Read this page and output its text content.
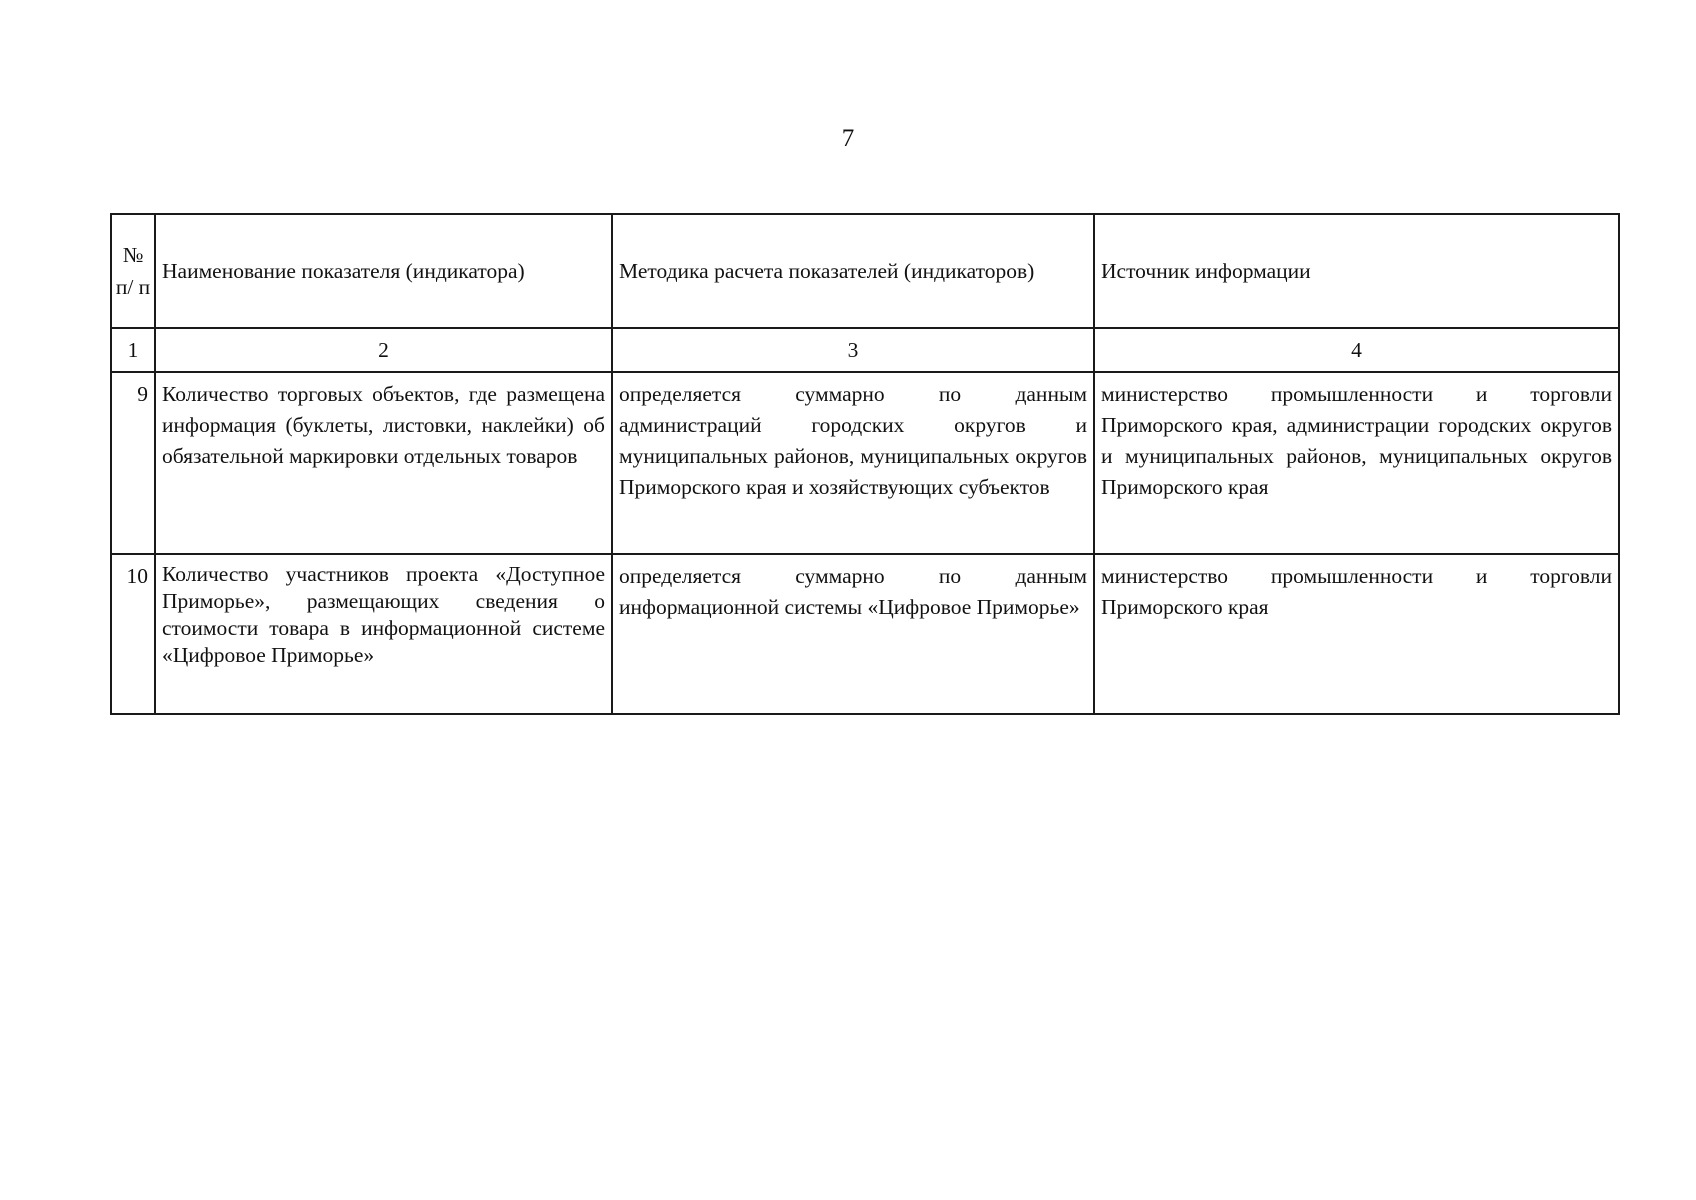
7
№ п/ п	Наименование показателя (индикатора)	Методика расчета показателей (индикаторов)	Источник информации
1	2	3	4
9	Количество торговых объектов, где размещена информация (буклеты, листовки, наклейки) об обязательной маркировки отдельных товаров	определяется суммарно по данным администраций городских округов и муниципальных районов, муниципальных округов Приморского края и хозяйствующих субъектов	министерство промышленности и торговли Приморского края, администрации городских округов и муниципальных районов, муниципальных округов Приморского края
10	Количество участников проекта «Доступное Приморье», размещающих сведения о стоимости товара в информационной системе «Цифровое Приморье»	определяется суммарно по данным информационной системы «Цифровое Приморье»	министерство промышленности и торговли Приморского края
